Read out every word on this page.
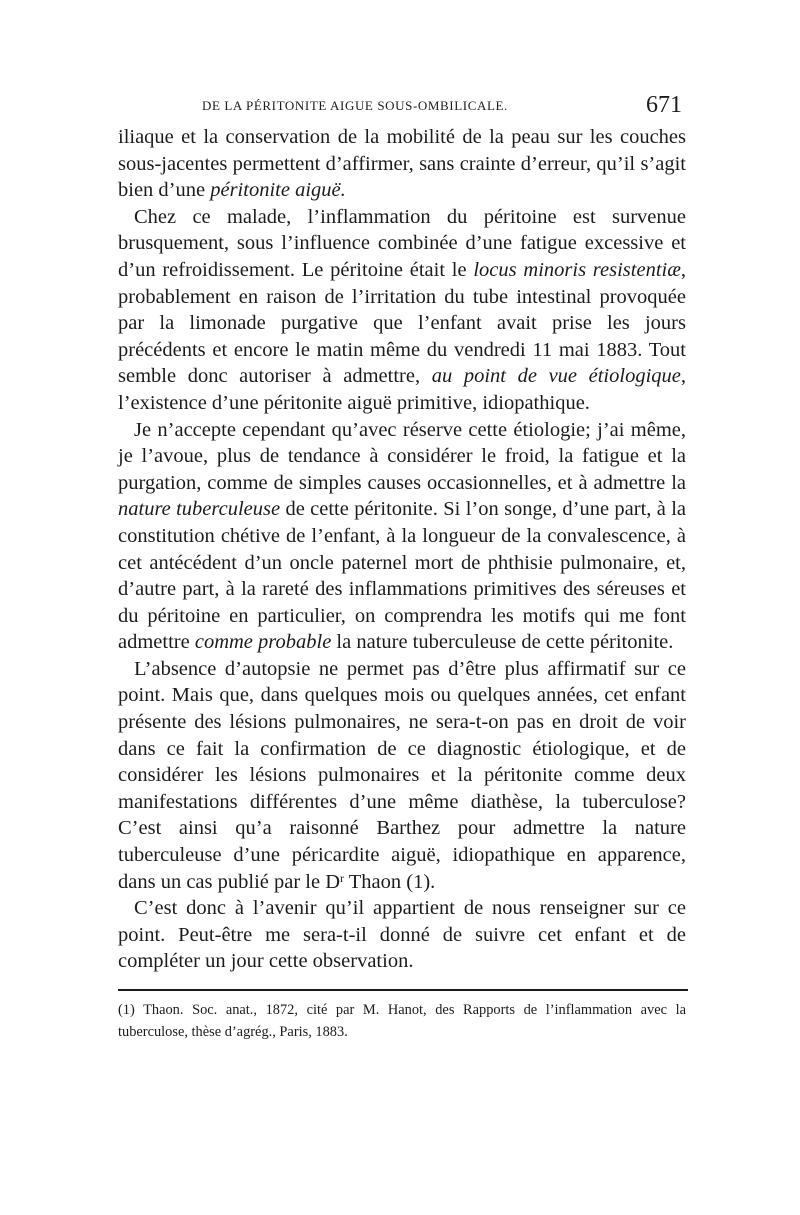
DE LA PÉRITONITE AIGUE SOUS-OMBILICALE.	671

iliaque et la conservation de la mobilité de la peau sur les couches sous-jacentes permettent d’affirmer, sans crainte d’erreur, qu’il s’agit bien d’une péritonite aiguë.

Chez ce malade, l’inflammation du péritoine est survenue brusquement, sous l’influence combinée d’une fatigue excessive et d’un refroidissement. Le péritoine était le locus minoris resistentiæ, probablement en raison de l’irritation du tube intestinal provoquée par la limonade purgative que l’enfant avait prise les jours précédents et encore le matin même du vendredi 11 mai 1883. Tout semble donc autoriser à admettre, au point de vue étiologique, l’existence d’une péritonite aiguë primitive, idiopathique.

Je n’accepte cependant qu’avec réserve cette étiologie; j’ai même, je l’avoue, plus de tendance à considérer le froid, la fatigue et la purgation, comme de simples causes occasionnelles, et à admettre la nature tuberculeuse de cette péritonite. Si l’on songe, d’une part, à la constitution chétive de l’enfant, à la longueur de la convalescence, à cet antécédent d’un oncle paternel mort de phthisie pulmonaire, et, d’autre part, à la rareté des inflammations primitives des séreuses et du péritoine en particulier, on comprendra les motifs qui me font admettre comme probable la nature tuberculeuse de cette péritonite.

L’absence d’autopsie ne permet pas d’être plus affirmatif sur ce point. Mais que, dans quelques mois ou quelques années, cet enfant présente des lésions pulmonaires, ne sera-t-on pas en droit de voir dans ce fait la confirmation de ce diagnostic étiologique, et de considérer les lésions pulmonaires et la péritonite comme deux manifestations différentes d’une même diathèse, la tuberculose? C’est ainsi qu’a raisonné Barthez pour admettre la nature tuberculeuse d’une péricardite aiguë, idiopathique en apparence, dans un cas publié par le $D^r$ Thaon (1).

C’est donc à l’avenir qu’il appartient de nous renseigner sur ce point. Peut-être me sera-t-il donné de suivre cet enfant et de compléter un jour cette observation.

(1) Thaon. Soc. anat., 1872, cité par M. Hanot, des Rapports de l’inflammation avec la tuberculose, thèse d’agrég., Paris, 1883.
